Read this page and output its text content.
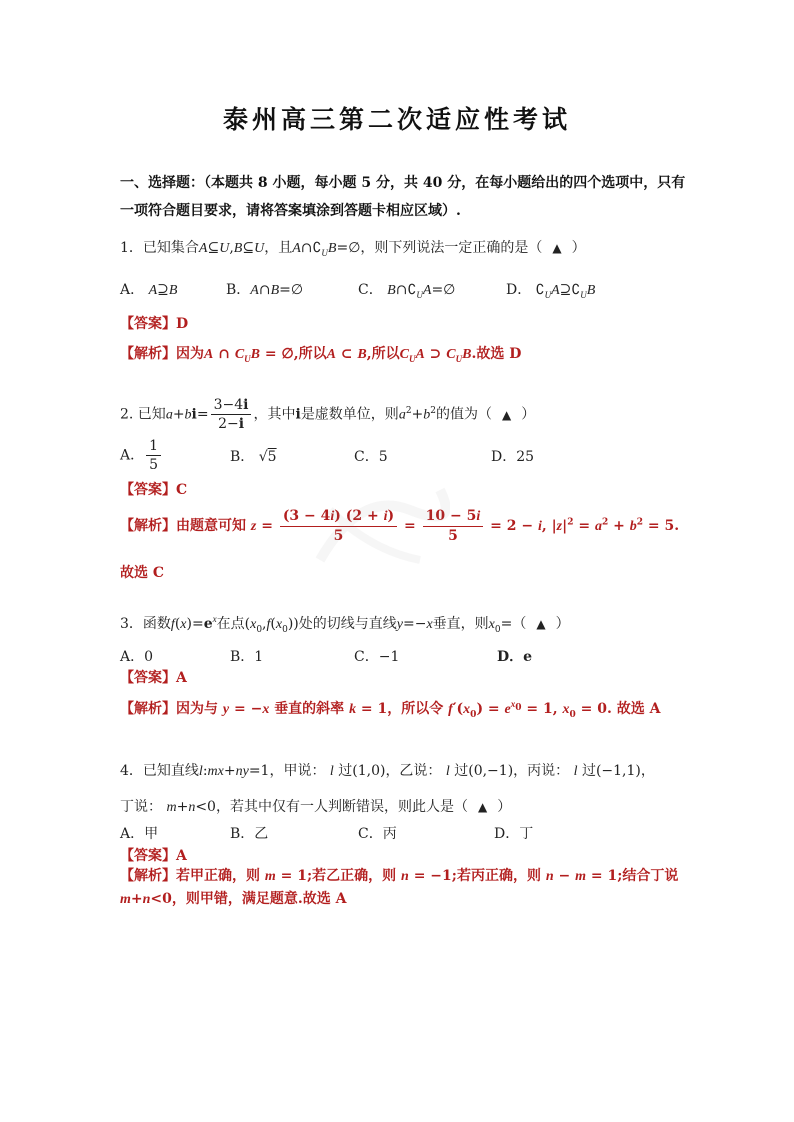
泰州高三第二次适应性考试
一、选择题：（本题共 8 小题，每小题 5 分，共 40 分，在每小题给出的四个选项中，只有
一项符合题目要求，请将答案填涂到答题卡相应区域）.
1．已知集合A⊆U,B⊆U，且$A\cap∁_UB=\emptyset$，则下列说法一定正确的是（ ▲ ）
A． A⊇B	B．A∩B=∅	C． $B\cap∁_UA=\emptyset$	D． $∁_UA⊇∁_UB$
【答案】D
【解析】因为A ∩ $C_UB$ = ∅,所以A ⊂ B,所以$C_UA$ ⊃ $C_UB$.故选 D
2. 已知$a+bi= \frac{3-4i}{2-i}$ ，其中i是虚数单位，则$a^2+b^2$的值为（ ▲ ）
A． $\frac{1}{5}$	B． √5	C．5	D．25
【答案】C
【解析】由题意可知 $z = \frac{(3 - 4i) (2 + i)}{5} = \frac{10 - 5i}{5} = 2 - i$, $|z|^2 = a^2 + b^2 = 5$.
故选 C
3．函数$f(x)=e^x$在点$(x_0,f(x_0))$处的切线与直线y=−x垂直，则$x_0=$（ ▲ ）
A．0	B．1	C．−1	D．e
【答案】A
【解析】因为与 y = −x 垂直的斜率 k = 1，所以令 $f'(x_0) = e^{x_0} = 1$, $x_0 = 0$. 故选 A
4．已知直线l:mx+ny=1，甲说： l 过(1,0)，乙说： l 过(0,−1)，丙说： l 过(−1,1)，
丁说： m+n<0，若其中仅有一人判断错误，则此人是（ ▲ ）
A．甲	B．乙	C．丙	D．丁
【答案】A
【解析】若甲正确，则 m = 1;若乙正确，则 n = −1;若丙正确，则 n − m = 1;结合丁说
m+n<0，则甲错，满足题意.故选 A
